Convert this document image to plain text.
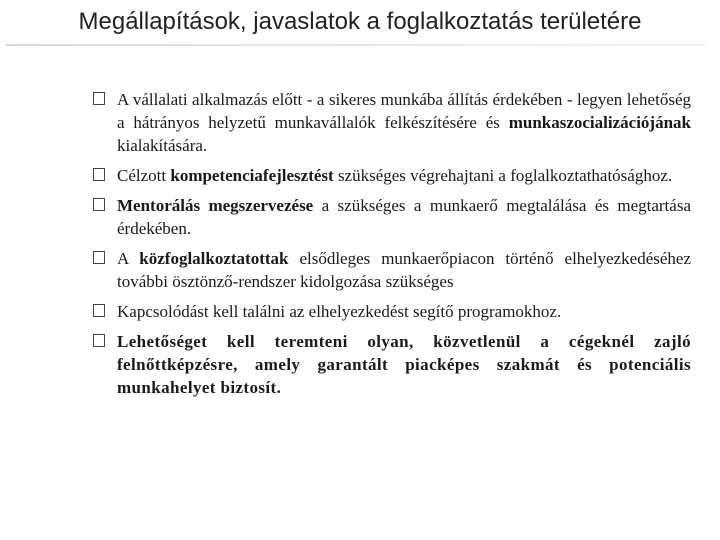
Megállapítások, javaslatok a foglalkoztatás területére
A vállalati alkalmazás előtt - a sikeres munkába állítás érdekében - legyen lehetőség a hátrányos helyzetű munkavállalók felkészítésére és munkaszocializációjának kialakítására.
Célzott kompetenciafejlesztést szükséges végrehajtani a foglalkoztathatósághoz.
Mentorálás megszervezése a szükséges a munkaerő megtalálása és megtartása érdekében.
A közfoglalkoztatottak elsődleges munkaerőpiacon történő elhelyezkedéséhez további ösztönző-rendszer kidolgozása szükséges
Kapcsolódást kell találni az elhelyezkedést segítő programokhoz.
Lehetőséget kell teremteni olyan, közvetlenül a cégeknél zajló felnőttképzésre, amely garantált piacképes szakmát és potenciális munkahelyet biztosít.
